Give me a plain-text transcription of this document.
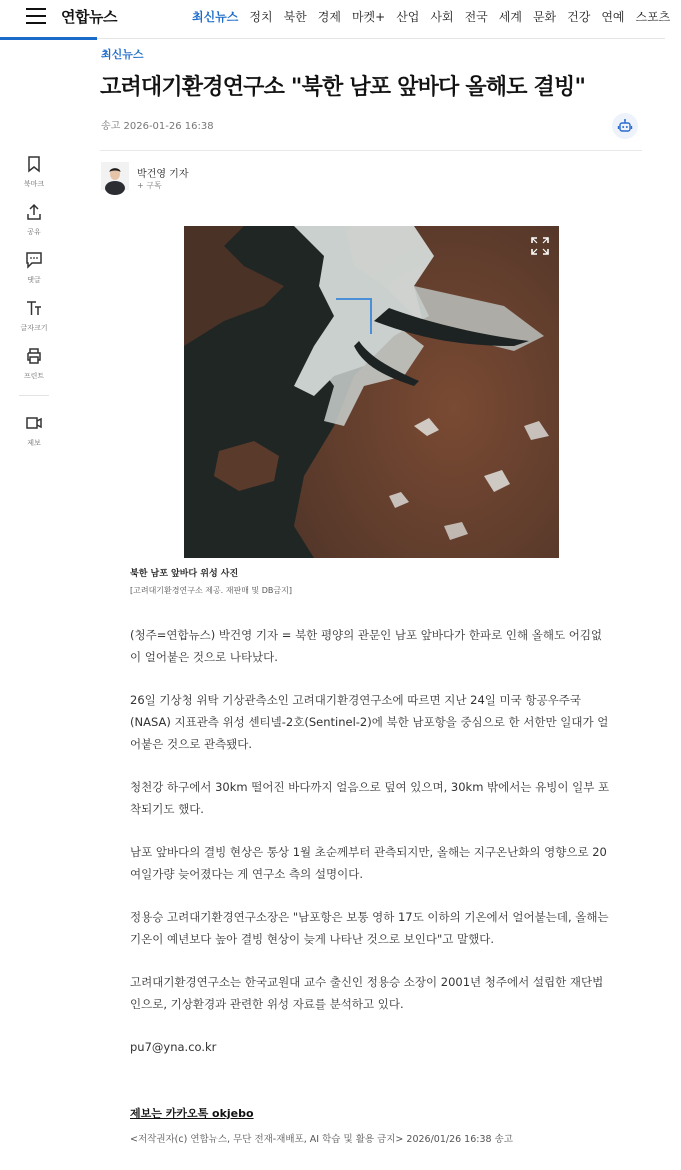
연합뉴스	최신뉴스 정치 북한 경제 마켓+ 산업 사회 전국 세계 문화 건강 연예 스포츠
북마크
공유
댓글
글자크기
프린트
제보
최신뉴스
고려대기환경연구소 "북한 남포 앞바다 올해도 결빙"
송고 2026-01-26 16:38
박건영 기자
+ 구독
북한 남포 앞바다 위성 사진
[고려대기환경연구소 제공. 재판매 및 DB금지]

(청주=연합뉴스) 박건영 기자 = 북한 평양의 관문인 남포 앞바다가 한파로 인해 올해도 어김없이 얼어붙은 것으로 나타났다.

26일 기상청 위탁 기상관측소인 고려대기환경연구소에 따르면 지난 24일 미국 항공우주국(NASA) 지표관측 위성 센티넬-2호(Sentinel-2)에 북한 남포항을 중심으로 한 서한만 일대가 얼어붙은 것으로 관측됐다.

청천강 하구에서 30km 떨어진 바다까지 얼음으로 덮여 있으며, 30km 밖에서는 유빙이 일부 포착되기도 했다.

남포 앞바다의 결빙 현상은 통상 1월 초순께부터 관측되지만, 올해는 지구온난화의 영향으로 20여일가량 늦어졌다는 게 연구소 측의 설명이다.

정용승 고려대기환경연구소장은 "남포항은 보통 영하 17도 이하의 기온에서 얼어붙는데, 올해는 기온이 예년보다 높아 결빙 현상이 늦게 나타난 것으로 보인다"고 말했다.

고려대기환경연구소는 한국교원대 교수 출신인 정용승 소장이 2001년 청주에서 설립한 재단법인으로, 기상환경과 관련한 위성 자료를 분석하고 있다.

pu7@yna.co.kr

제보는 카카오톡 okjebo
<저작권자(c) 연합뉴스, 무단 전재-재배포, AI 학습 및 활용 금지> 2026/01/26 16:38 송고
